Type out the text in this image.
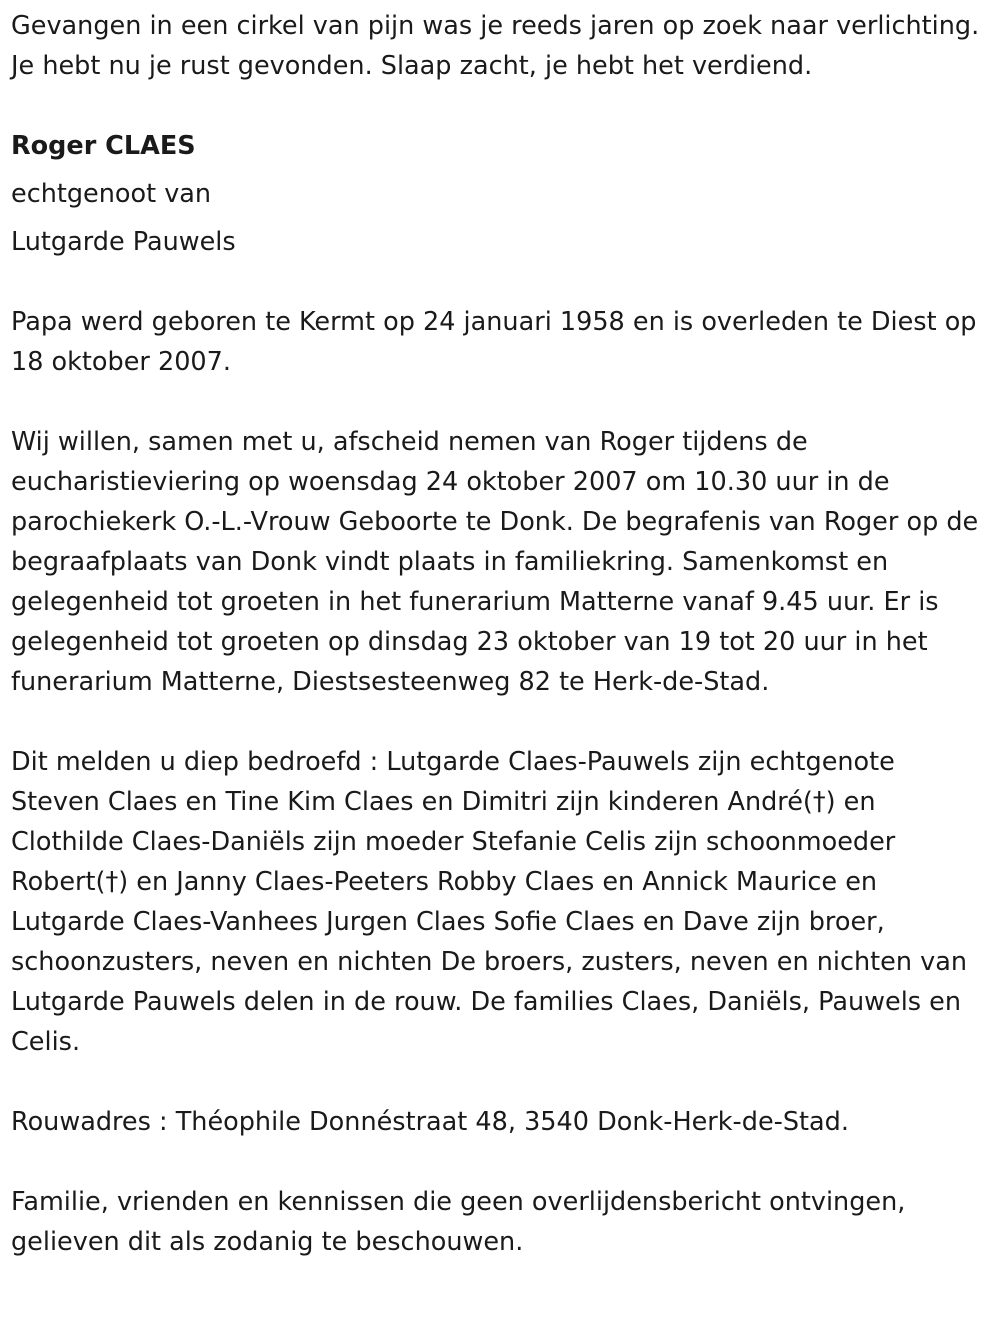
Gevangen in een cirkel van pijn was je reeds jaren op zoek naar verlichting. Je hebt nu je rust gevonden. Slaap zacht, je hebt het verdiend.

Roger CLAES

echtgenoot van

Lutgarde Pauwels

Papa werd geboren te Kermt op 24 januari 1958 en is overleden te Diest op 18 oktober 2007.

Wij willen, samen met u, afscheid nemen van Roger tijdens de eucharistieviering op woensdag 24 oktober 2007 om 10.30 uur in de parochiekerk O.-L.-Vrouw Geboorte te Donk. De begrafenis van Roger op de begraafplaats van Donk vindt plaats in familiekring. Samenkomst en gelegenheid tot groeten in het funerarium Matterne vanaf 9.45 uur. Er is gelegenheid tot groeten op dinsdag 23 oktober van 19 tot 20 uur in het funerarium Matterne, Diestsesteenweg 82 te Herk-de-Stad.

Dit melden u diep bedroefd : Lutgarde Claes-Pauwels zijn echtgenote Steven Claes en Tine Kim Claes en Dimitri zijn kinderen André(†) en Clothilde Claes-Daniëls zijn moeder Stefanie Celis zijn schoonmoeder Robert(†) en Janny Claes-Peeters Robby Claes en Annick Maurice en Lutgarde Claes-Vanhees Jurgen Claes Sofie Claes en Dave zijn broer, schoonzusters, neven en nichten De broers, zusters, neven en nichten van Lutgarde Pauwels delen in de rouw. De families Claes, Daniëls, Pauwels en Celis.

Rouwadres : Théophile Donnéstraat 48, 3540 Donk-Herk-de-Stad.

Familie, vrienden en kennissen die geen overlijdensbericht ontvingen, gelieven dit als zodanig te beschouwen.
